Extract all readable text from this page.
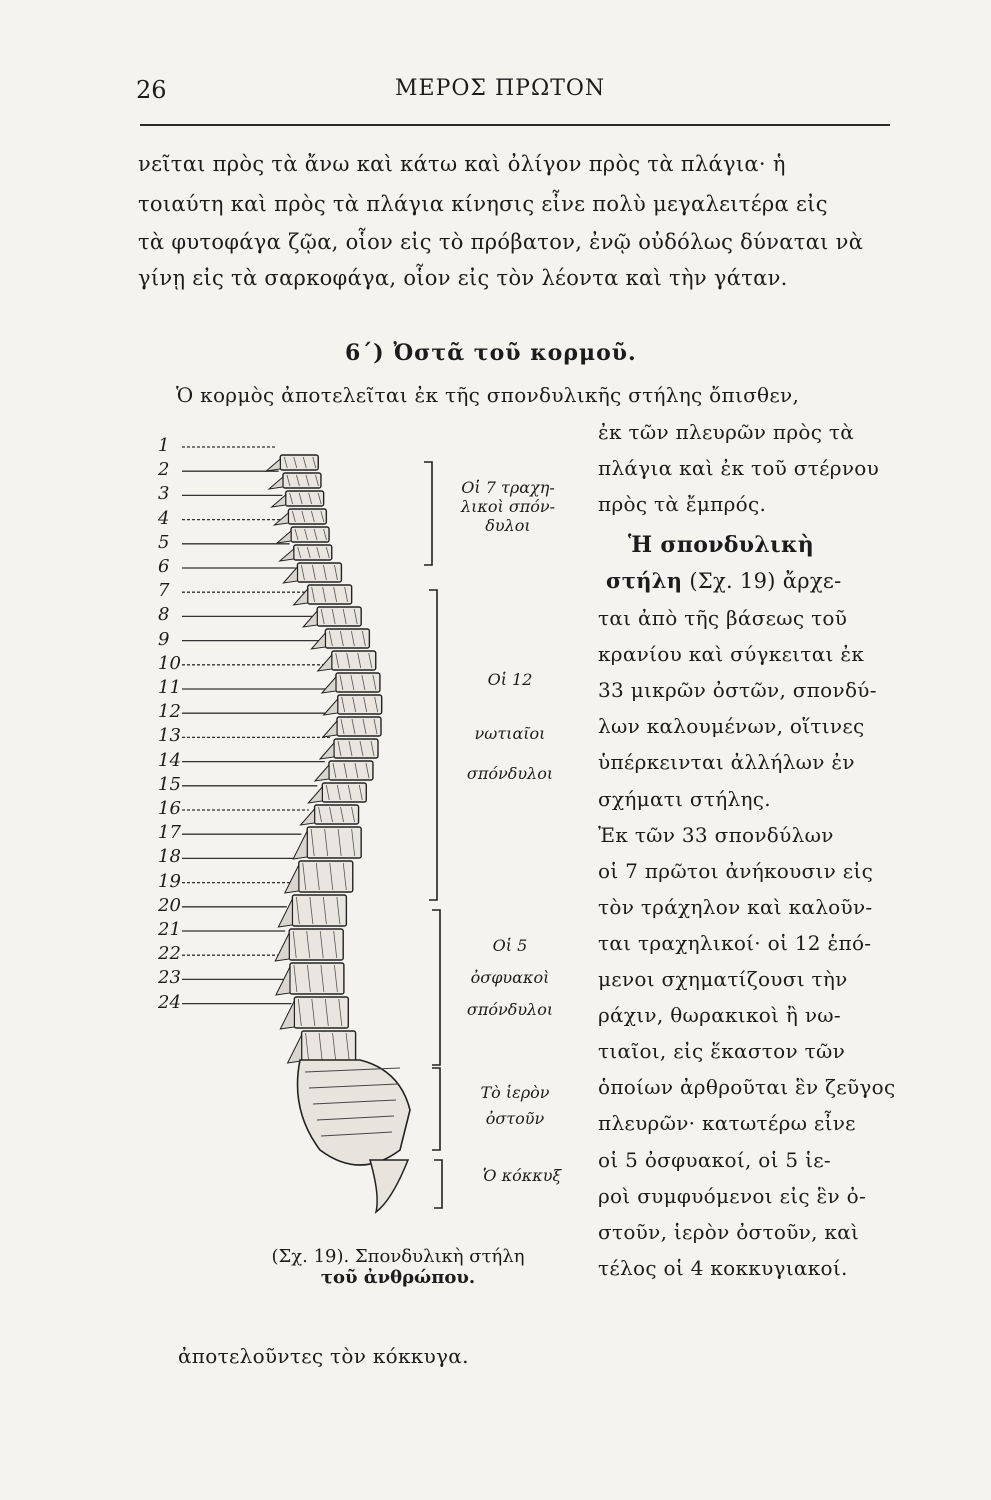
26	ΜΕΡΟΣ ΠΡΩΤΟΝ
νεῖται πρὸς τὰ ἄνω καὶ κάτω καὶ ὀλίγον πρὸς τὰ πλάγια· ἡ
τοιαύτη καὶ πρὸς τὰ πλάγια κίνησις εἶνε πολὺ μεγαλειτέρα εἰς
τὰ φυτοφάγα ζῷα, οἷον εἰς τὸ πρόβατον, ἐνῷ οὐδόλως δύναται νὰ
γίνῃ εἰς τὰ σαρκοφάγα, οἷον εἰς τὸν λέοντα καὶ τὴν γάταν.
6΄) Ὀστᾶ τοῦ κορμοῦ.
Ὁ κορμὸς ἀποτελεῖται ἐκ τῆς σπονδυλικῆς στήλης ὄπισθεν,
ἐκ τῶν πλευρῶν πρὸς τὰ
πλάγια καὶ ἐκ τοῦ στέρνου
πρὸς τὰ ἔμπρός.
Ἡ σπονδυλικὴ
στήλη (Σχ. 19) ἄρχε-
ται ἀπὸ τῆς βάσεως τοῦ
κρανίου καὶ σύγκειται ἐκ
33 μικρῶν ὀστῶν, σπονδύ-
λων καλουμένων, οἵτινες
ὑπέρκεινται ἀλλήλων ἐν
σχήματι στήλης.
Ἐκ τῶν 33 σπονδύλων
οἱ 7 πρῶτοι ἀνήκουσιν εἰς
τὸν τράχηλον καὶ καλοῦν-
ται τραχηλικοί· οἱ 12 ἑπό-
μενοι σχηματίζουσι τὴν
ράχιν, θωρακικοὶ ἢ νω-
τιαῖοι, εἰς ἕκαστον τῶν
ὁποίων ἀρθροῦται ἓν ζεῦγος
πλευρῶν· κατωτέρω εἶνε
οἱ 5 ὀσφυακοί, οἱ 5 ἱε-
ροὶ συμφυόμενοι εἰς ἓν ὀ-
στοῦν, ἱερὸν ὀστοῦν, καὶ
τέλος οἱ 4 κοκκυγιακοί.
1
2
3
4
5
6
7
8
9
10
11
12
13
14
15
16
17
18
19
20
21
22
23
24
Οἱ 7 τραχη-
λικοὶ σπόν-
δυλοι
Οἱ 12
νωτιαῖοι
σπόνδυλοι
Οἱ 5
ὀσφυακοὶ
σπόνδυλοι
Τὸ ἱερὸν
ὀστοῦν
Ὁ κόκκυξ
(Σχ. 19). Σπονδυλικὴ στήλη
τοῦ ἀνθρώπου.
ἀποτελοῦντες τὸν κόκκυγα.
